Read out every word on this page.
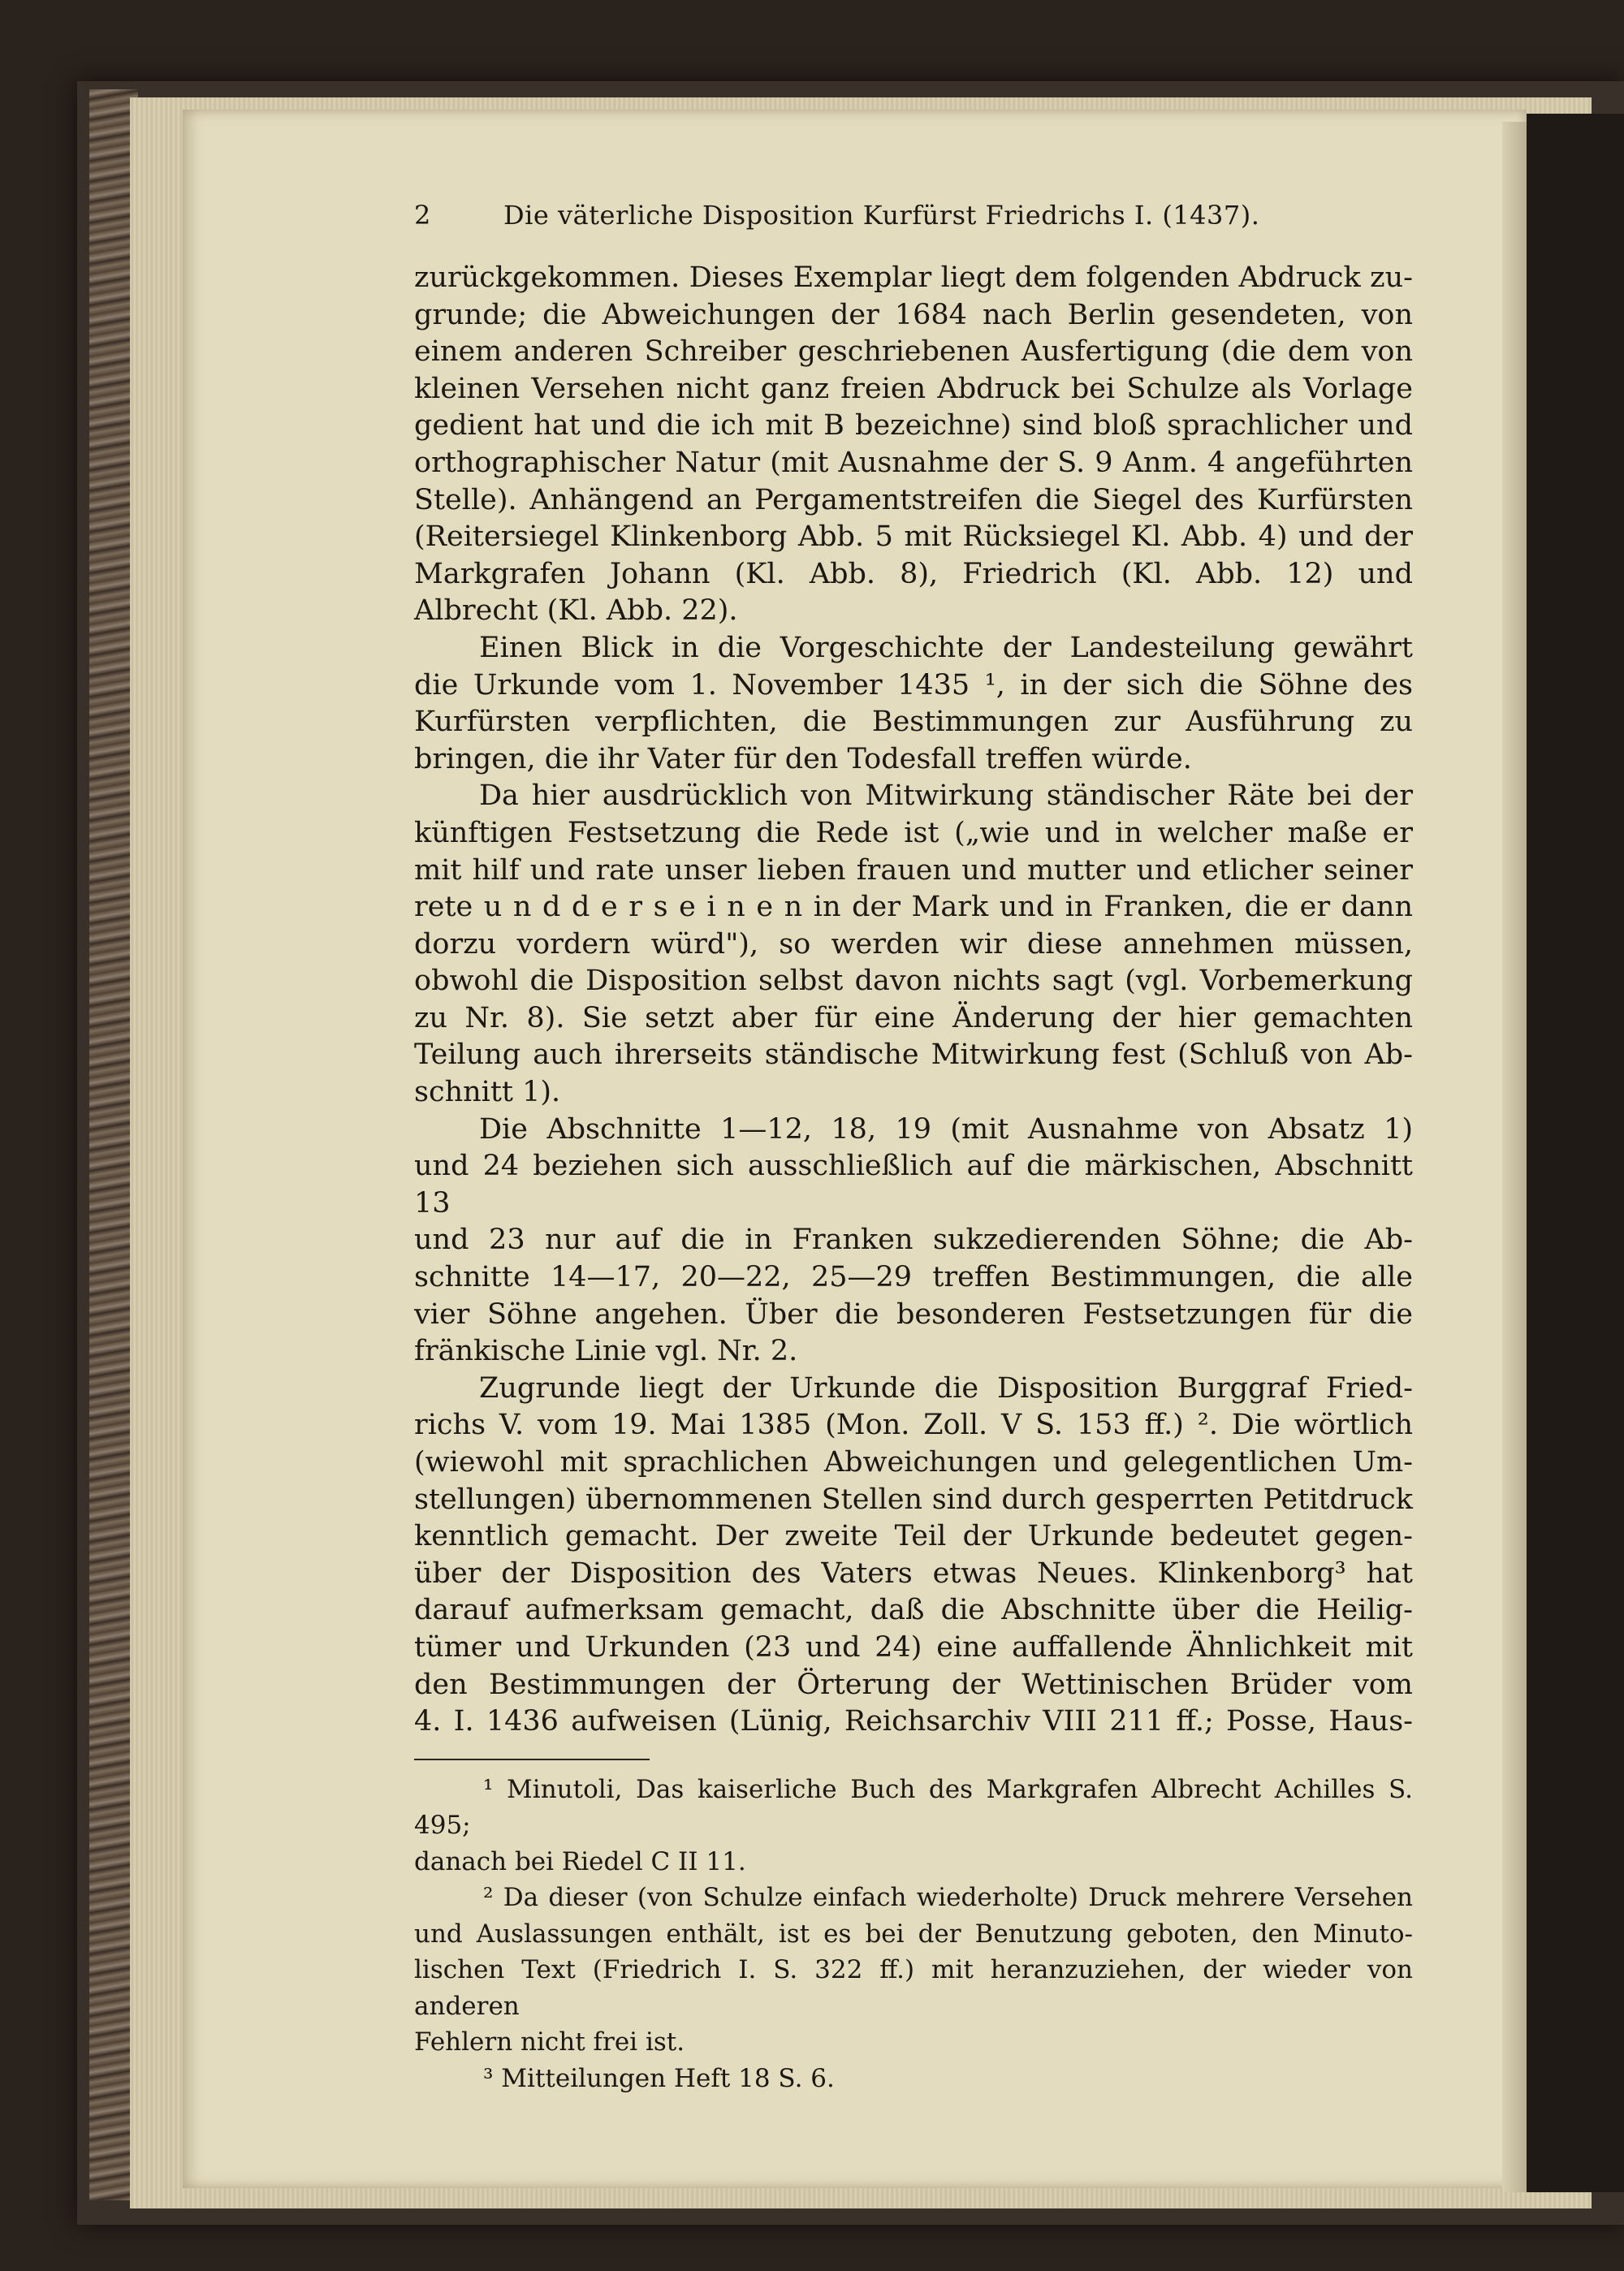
2	Die väterliche Disposition Kurfürst Friedrichs I. (1437).

zurückgekommen. Dieses Exemplar liegt dem folgenden Abdruck zu-

grunde; die Abweichungen der 1684 nach Berlin gesendeten, von

einem anderen Schreiber geschriebenen Ausfertigung (die dem von

kleinen Versehen nicht ganz freien Abdruck bei Schulze als Vorlage

gedient hat und die ich mit B bezeichne) sind bloß sprachlicher und

orthographischer Natur (mit Ausnahme der S. 9 Anm. 4 angeführten

Stelle). Anhängend an Pergamentstreifen die Siegel des Kurfürsten

(Reitersiegel Klinkenborg Abb. 5 mit Rücksiegel Kl. Abb. 4) und der

Markgrafen Johann (Kl. Abb. 8), Friedrich (Kl. Abb. 12) und

Albrecht (Kl. Abb. 22).

Einen Blick in die Vorgeschichte der Landesteilung gewährt

die Urkunde vom 1. November 1435 ¹, in der sich die Söhne des

Kurfürsten verpflichten, die Bestimmungen zur Ausführung zu

bringen, die ihr Vater für den Todesfall treffen würde.

Da hier ausdrücklich von Mitwirkung ständischer Räte bei der

künftigen Festsetzung die Rede ist („wie und in welcher maße er

mit hilf und rate unser lieben frauen und mutter und etlicher seiner

rete u n d d e r s e i n e n in der Mark und in Franken, die er dann

dorzu vordern würd"), so werden wir diese annehmen müssen,

obwohl die Disposition selbst davon nichts sagt (vgl. Vorbemerkung

zu Nr. 8). Sie setzt aber für eine Änderung der hier gemachten

Teilung auch ihrerseits ständische Mitwirkung fest (Schluß von Ab-

schnitt 1).

Die Abschnitte 1—12, 18, 19 (mit Ausnahme von Absatz 1)

und 24 beziehen sich ausschließlich auf die märkischen, Abschnitt 13

und 23 nur auf die in Franken sukzedierenden Söhne; die Ab-

schnitte 14—17, 20—22, 25—29 treffen Bestimmungen, die alle

vier Söhne angehen. Über die besonderen Festsetzungen für die

fränkische Linie vgl. Nr. 2.

Zugrunde liegt der Urkunde die Disposition Burggraf Fried-

richs V. vom 19. Mai 1385 (Mon. Zoll. V S. 153 ff.) ². Die wörtlich

(wiewohl mit sprachlichen Abweichungen und gelegentlichen Um-

stellungen) übernommenen Stellen sind durch gesperrten Petitdruck

kenntlich gemacht. Der zweite Teil der Urkunde bedeutet gegen-

über der Disposition des Vaters etwas Neues. Klinkenborg³ hat

darauf aufmerksam gemacht, daß die Abschnitte über die Heilig-

tümer und Urkunden (23 und 24) eine auffallende Ähnlichkeit mit

den Bestimmungen der Örterung der Wettinischen Brüder vom

4. I. 1436 aufweisen (Lünig, Reichsarchiv VIII 211 ff.; Posse, Haus-

¹ Minutoli, Das kaiserliche Buch des Markgrafen Albrecht Achilles S. 495;

danach bei Riedel C II 11.

² Da dieser (von Schulze einfach wiederholte) Druck mehrere Versehen

und Auslassungen enthält, ist es bei der Benutzung geboten, den Minuto-

lischen Text (Friedrich I. S. 322 ff.) mit heranzuziehen, der wieder von anderen

Fehlern nicht frei ist.

³ Mitteilungen Heft 18 S. 6.
